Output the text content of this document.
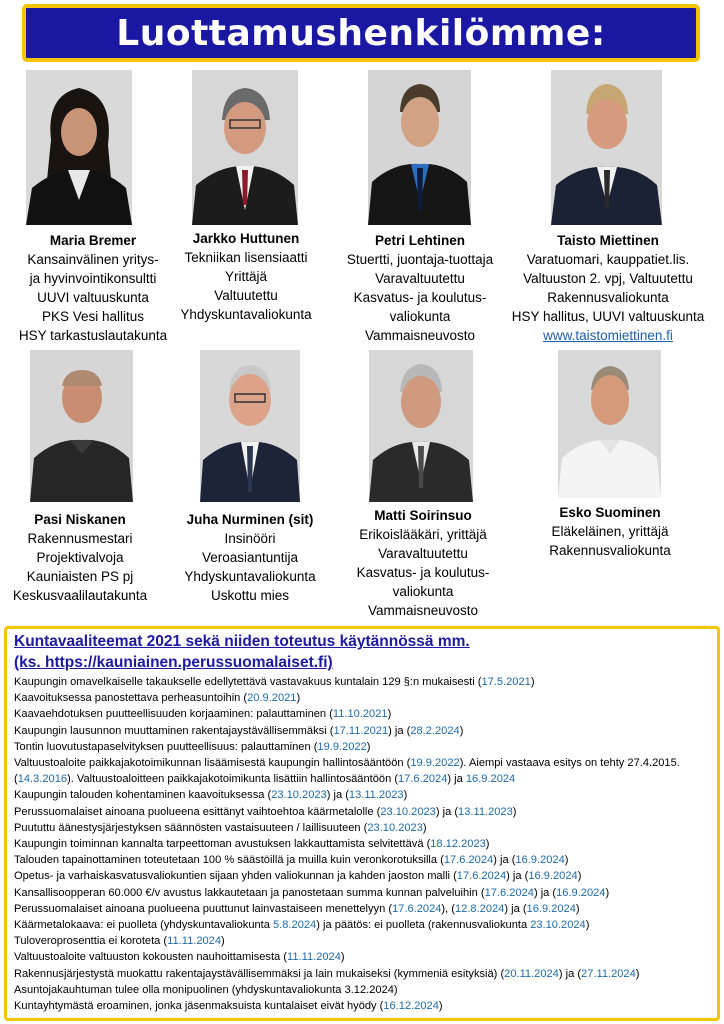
Luottamushenkilömme:
Maria Bremer
Kansainvälinen yritys-
ja hyvinvointikonsultti
UUVI valtuuskunta
PKS Vesi hallitus
HSY tarkastuslautakunta
Jarkko Huttunen
Tekniikan lisensiaatti
Yrittäjä
Valtuutettu
Yhdyskuntavaliokunta
Petri Lehtinen
Stuertti, juontaja-tuottaja
Varavaltuutettu
Kasvatus- ja koulutus-
valiokunta
Vammaisneuvosto
Taisto Miettinen
Varatuomari, kauppatiet.lis.
Valtuuston 2. vpj, Valtuutettu
Rakennusvaliokunta
HSY hallitus, UUVI valtuuskunta
www.taistomiettinen.fi
Pasi Niskanen
Rakennusmestari
Projektivalvoja
Kauniaisten PS pj
Keskusvaalilautakunta
Juha Nurminen (sit)
Insinööri
Veroasiantuntija
Yhdyskuntavaliokunta
Uskottu mies
Matti Soirinsuo
Erikoislääkäri, yrittäjä
Varavaltuutettu
Kasvatus- ja koulutus-
valiokunta
Vammaisneuvosto
Esko Suominen
Eläkeläinen, yrittäjä
Rakennusvaliokunta
Kuntavaaliteemat 2021 sekä niiden toteutus käytännössä mm.
(ks. https://kauniainen.perussuomalaiset.fi)
Kaupungin omavelkaiselle takaukselle edellytettävä vastavakuus kuntalain 129 §:n mukaisesti (17.5.2021)
Kaavoituksessa panostettava perheasuntoihin (20.9.2021)
Kaavaehdotuksen puutteellisuuden korjaaminen: palauttaminen (11.10.2021)
Kaupungin lausunnon muuttaminen rakentajaystävällisemmäksi (17.11.2021) ja (28.2.2024)
Tontin luovutustapaselvityksen puutteellisuus: palauttaminen (19.9.2022)
Valtuustoaloite paikkajakotoimikunnan lisäämisestä kaupungin hallintosääntöön (19.9.2022). Aiempi vastaava esitys on tehty 27.4.2015. (14.3.2016). Valtuustoaloitteen paikkajakotoimikunta lisättiin hallintosääntöön (17.6.2024) ja 16.9.2024
Kaupungin talouden kohentaminen kaavoituksessa (23.10.2023) ja (13.11.2023)
Perussuomalaiset ainoana puolueena esittänyt vaihtoehtoa käärmetalolle (23.10.2023) ja (13.11.2023)
Puututtu äänestysjärjestyksen säännösten vastaisuuteen / laillisuuteen (23.10.2023)
Kaupungin toiminnan kannalta tarpeettoman avustuksen lakkauttamista selvitettävä (18.12.2023)
Talouden tapainottaminen toteutetaan 100 % säästöillä ja muilla kuin veronkorotuksilla (17.6.2024) ja (16.9.2024)
Opetus- ja varhaiskasvatusvaliokuntien sijaan yhden valiokunnan ja kahden jaoston malli (17.6.2024) ja (16.9.2024)
Kansallisoopperan 60.000 €/v avustus lakkautetaan ja panostetaan summa kunnan palveluihin (17.6.2024) ja (16.9.2024)
Perussuomalaiset ainoana puolueena puuttunut lainvastaiseen menettelyyn (17.6.2024), (12.8.2024) ja (16.9.2024)
Käärmetalokaava: ei puolleta (yhdyskuntavaliokunta 5.8.2024) ja päätös: ei puolleta (rakennusvaliokunta 23.10.2024)
Tuloveroprosenttia ei koroteta (11.11.2024)
Valtuustoaloite valtuuston kokousten nauhoittamisesta (11.11.2024)
Rakennusjärjestystä muokattu rakentajaystävällisemmäksi ja lain mukaiseksi (kymmeniä esityksiä) (20.11.2024) ja (27.11.2024)
Asuntojakauhtuman tulee olla monipuolinen (yhdyskuntavaliokunta 3.12.2024)
Kuntayhtymästä eroaminen, jonka jäsenmaksuista kuntalaiset eivät hyödy (16.12.2024)
